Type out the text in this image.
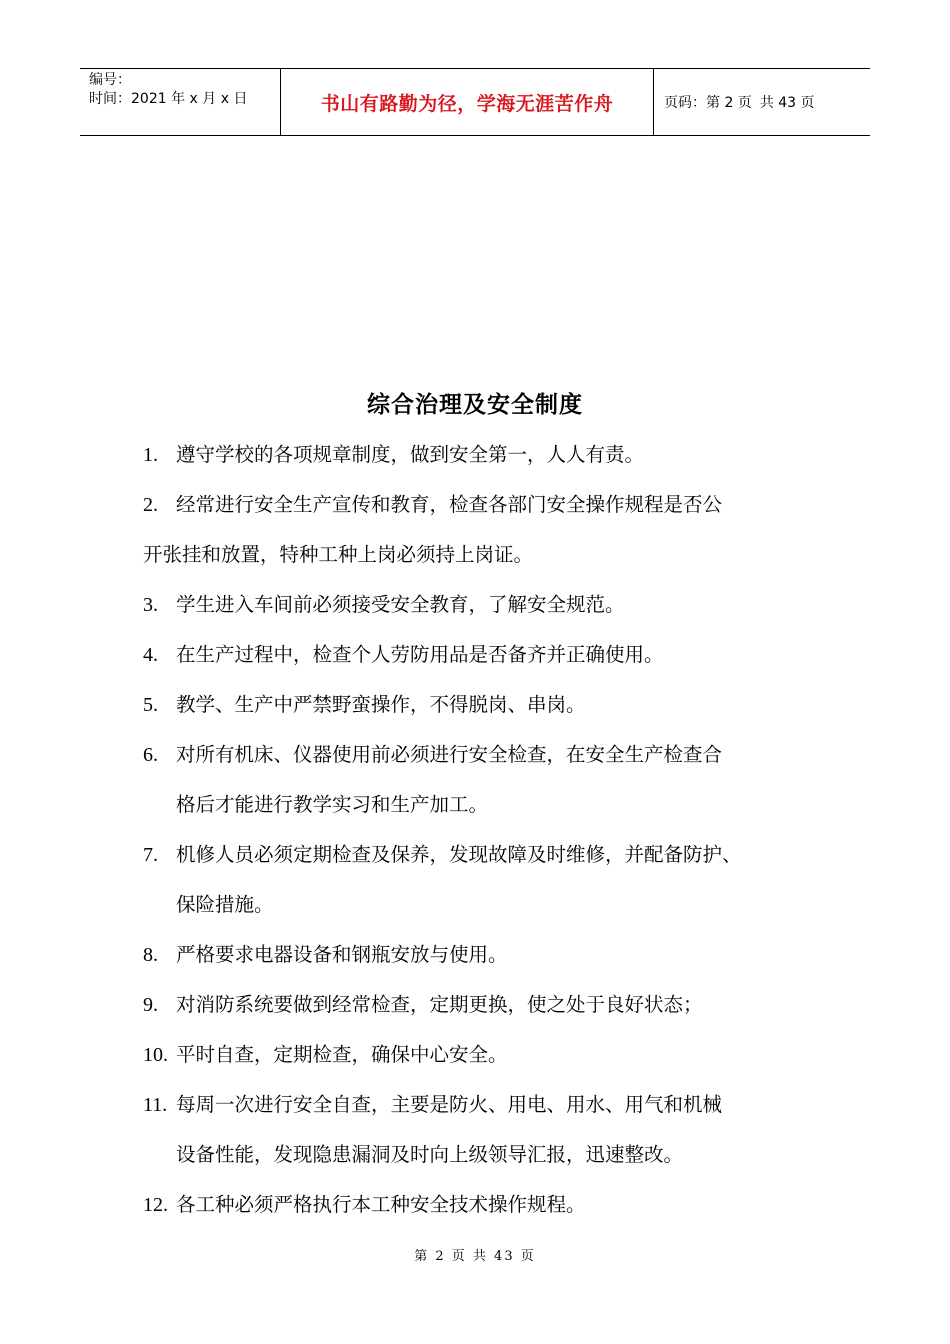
编号：
时间：2021 年 x 月 x 日	书山有路勤为径，学海无涯苦作舟	页码：第 2 页 共 43 页
综合治理及安全制度
1. 遵守学校的各项规章制度，做到安全第一，人人有责。
2. 经常进行安全生产宣传和教育，检查各部门安全操作规程是否公
开张挂和放置，特种工种上岗必须持上岗证。
3. 学生进入车间前必须接受安全教育，了解安全规范。
4. 在生产过程中，检查个人劳防用品是否备齐并正确使用。
5. 教学、生产中严禁野蛮操作，不得脱岗、串岗。
6. 对所有机床、仪器使用前必须进行安全检查，在安全生产检查合
格后才能进行教学实习和生产加工。
7. 机修人员必须定期检查及保养，发现故障及时维修，并配备防护、
保险措施。
8. 严格要求电器设备和钢瓶安放与使用。
9. 对消防系统要做到经常检查，定期更换，使之处于良好状态；
10. 平时自查，定期检查，确保中心安全。
11. 每周一次进行安全自查，主要是防火、用电、用水、用气和机械
设备性能，发现隐患漏洞及时向上级领导汇报，迅速整改。
12. 各工种必须严格执行本工种安全技术操作规程。
第 2 页 共 43 页
